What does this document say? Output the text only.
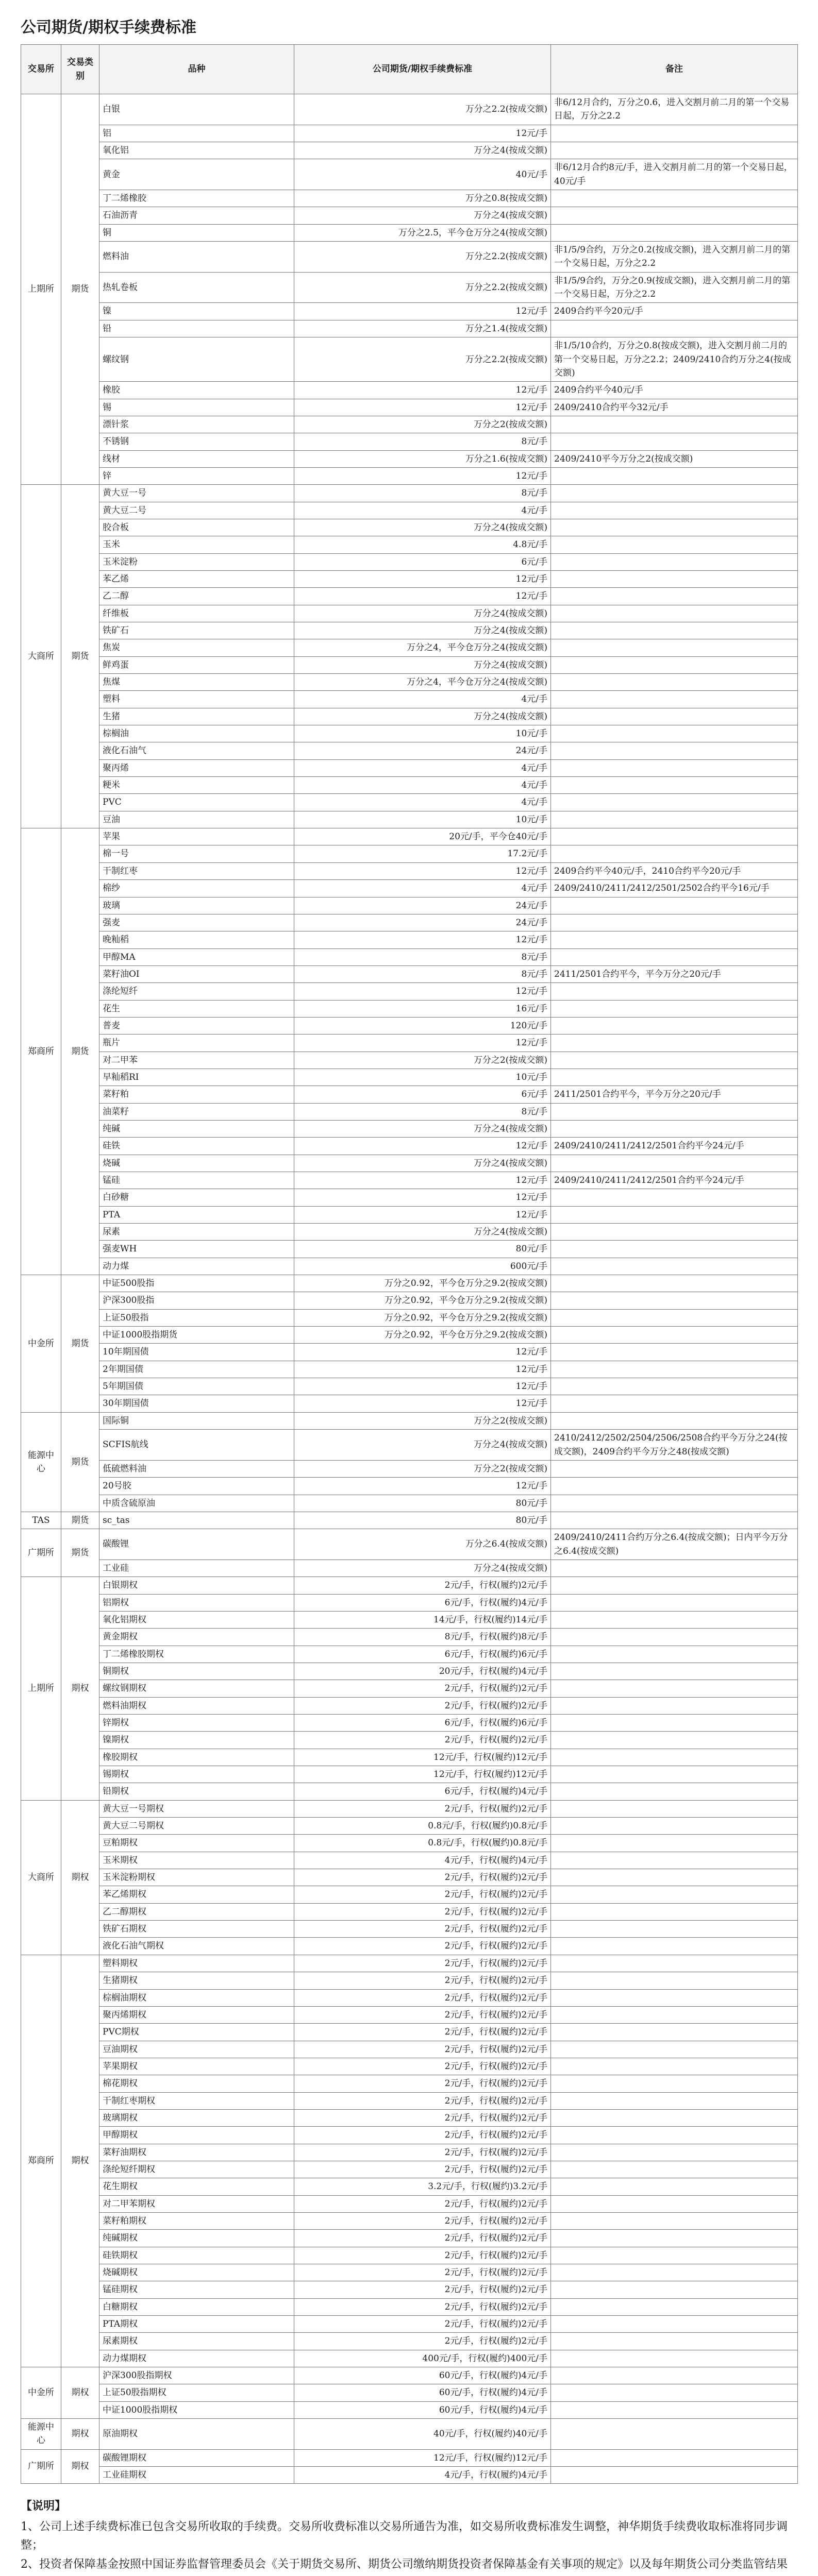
公司期货/期权手续费标准
交易所	交易类别	品种	公司期货/期权手续费标准	备注
上期所	期货	白银	万分之2.2(按成交额)	非6/12月合约，万分之0.6，进入交割月前二月的第一个交易日起，万分之2.2
		铝	12元/手	
		氧化铝	万分之4(按成交额)	
		黄金	40元/手	非6/12月合约8元/手，进入交割月前二月的第一个交易日起，40元/手
		丁二烯橡胶	万分之0.8(按成交额)	
		石油沥青	万分之4(按成交额)	
		铜	万分之2.5，平今仓万分之4(按成交额)	
		燃料油	万分之2.2(按成交额)	非1/5/9合约，万分之0.2(按成交额)，进入交割月前二月的第一个交易日起，万分之2.2
		热轧卷板	万分之2.2(按成交额)	非1/5/9合约，万分之0.9(按成交额)，进入交割月前二月的第一个交易日起，万分之2.2
		镍	12元/手	2409合约平今20元/手
		铅	万分之1.4(按成交额)	
		螺纹钢	万分之2.2(按成交额)	非1/5/10合约，万分之0.8(按成交额)，进入交割月前二月的第一个交易日起，万分之2.2；2409/2410合约万分之4(按成交额)
		橡胶	12元/手	2409合约平今40元/手
		锡	12元/手	2409/2410合约平今32元/手
		漂针浆	万分之2(按成交额)	
		不锈钢	8元/手	
		线材	万分之1.6(按成交额)	2409/2410平今万分之2(按成交额)
		锌	12元/手	
大商所	期货	黄大豆一号	8元/手	
		黄大豆二号	4元/手	
		胶合板	万分之4(按成交额)	
		玉米	4.8元/手	
		玉米淀粉	6元/手	
		苯乙烯	12元/手	
		乙二醇	12元/手	
		纤维板	万分之4(按成交额)	
		铁矿石	万分之4(按成交额)	
		焦炭	万分之4，平今仓万分之4(按成交额)	
		鲜鸡蛋	万分之4(按成交额)	
		焦煤	万分之4，平今仓万分之4(按成交额)	
		塑料	4元/手	
		生猪	万分之4(按成交额)	
		棕榈油	10元/手	
		液化石油气	24元/手	
		聚丙烯	4元/手	
		粳米	4元/手	
		PVC	4元/手	
		豆油	10元/手	
郑商所	期货	苹果	20元/手，平今仓40元/手	
		棉一号	17.2元/手	
		干制红枣	12元/手	2409合约平今40元/手，2410合约平今20元/手
		棉纱	4元/手	2409/2410/2411/2412/2501/2502合约平今16元/手
		玻璃	24元/手	
		强麦	24元/手	
		晚籼稻	12元/手	
		甲醇MA	8元/手	
		菜籽油OI	8元/手	2411/2501合约平今，平今万分之20元/手
		涤纶短纤	12元/手	
		花生	16元/手	
		普麦	120元/手	
		瓶片	12元/手	
		对二甲苯	万分之2(按成交额)	
		早籼稻RI	10元/手	
		菜籽粕	6元/手	2411/2501合约平今，平今万分之20元/手
		油菜籽	8元/手	
		纯碱	万分之4(按成交额)	
		硅铁	12元/手	2409/2410/2411/2412/2501合约平今24元/手
		烧碱	万分之4(按成交额)	
		锰硅	12元/手	2409/2410/2411/2412/2501合约平今24元/手
		白砂糖	12元/手	
		PTA	12元/手	
		尿素	万分之4(按成交额)	
		强麦WH	80元/手	
		动力煤	600元/手	
中金所	期货	中证500股指	万分之0.92，平今仓万分之9.2(按成交额)	
		沪深300股指	万分之0.92，平今仓万分之9.2(按成交额)	
		上证50股指	万分之0.92，平今仓万分之9.2(按成交额)	
		中证1000股指期货	万分之0.92，平今仓万分之9.2(按成交额)	
		10年期国债	12元/手	
		2年期国债	12元/手	
		5年期国债	12元/手	
		30年期国债	12元/手	
能源中心	期货	国际铜	万分之2(按成交额)	
		SCFIS航线	万分之4(按成交额)	2410/2412/2502/2504/2506/2508合约平今万分之24(按成交额)，2409合约平今万分之48(按成交额)
		低硫燃料油	万分之2(按成交额)	
		20号胶	12元/手	
		中质含硫原油	80元/手	
TAS	期货	sc_tas	80元/手	
广期所	期货	碳酸锂	万分之6.4(按成交额)	2409/2410/2411合约万分之6.4(按成交额)；日内平今万分之6.4(按成交额)
		工业硅	万分之4(按成交额)	
上期所	期权	白银期权	2元/手，行权(履约)2元/手	
		铝期权	6元/手，行权(履约)4元/手	
		氧化铝期权	14元/手，行权(履约)14元/手	
		黄金期权	8元/手，行权(履约)8元/手	
		丁二烯橡胶期权	6元/手，行权(履约)6元/手	
		铜期权	20元/手，行权(履约)4元/手	
		螺纹钢期权	2元/手，行权(履约)2元/手	
		燃料油期权	2元/手，行权(履约)2元/手	
		锌期权	6元/手，行权(履约)6元/手	
		镍期权	2元/手，行权(履约)2元/手	
		橡胶期权	12元/手，行权(履约)12元/手	
		锡期权	12元/手，行权(履约)12元/手	
		铅期权	6元/手，行权(履约)4元/手	
大商所	期权	黄大豆一号期权	2元/手，行权(履约)2元/手	
		黄大豆二号期权	0.8元/手，行权(履约)0.8元/手	
		豆粕期权	0.8元/手，行权(履约)0.8元/手	
		玉米期权	4元/手，行权(履约)4元/手	
		玉米淀粉期权	2元/手，行权(履约)2元/手	
		苯乙烯期权	2元/手，行权(履约)2元/手	
		乙二醇期权	2元/手，行权(履约)2元/手	
		铁矿石期权	2元/手，行权(履约)2元/手	
		液化石油气期权	2元/手，行权(履约)2元/手	
郑商所	期权	塑料期权	2元/手，行权(履约)2元/手	
		生猪期权	2元/手，行权(履约)2元/手	
		棕榈油期权	2元/手，行权(履约)2元/手	
		聚丙烯期权	2元/手，行权(履约)2元/手	
		PVC期权	2元/手，行权(履约)2元/手	
		豆油期权	2元/手，行权(履约)2元/手	
		苹果期权	2元/手，行权(履约)2元/手	
		棉花期权	2元/手，行权(履约)2元/手	
		干制红枣期权	2元/手，行权(履约)2元/手	
		玻璃期权	2元/手，行权(履约)2元/手	
		甲醇期权	2元/手，行权(履约)2元/手	
		菜籽油期权	2元/手，行权(履约)2元/手	
		涤纶短纤期权	2元/手，行权(履约)2元/手	
		花生期权	3.2元/手，行权(履约)3.2元/手	
		对二甲苯期权	2元/手，行权(履约)2元/手	
		菜籽粕期权	2元/手，行权(履约)2元/手	
		纯碱期权	2元/手，行权(履约)2元/手	
		硅铁期权	2元/手，行权(履约)2元/手	
		烧碱期权	2元/手，行权(履约)2元/手	
		锰硅期权	2元/手，行权(履约)2元/手	
		白糖期权	2元/手，行权(履约)2元/手	
		PTA期权	2元/手，行权(履约)2元/手	
		尿素期权	2元/手，行权(履约)2元/手	
		动力煤期权	400元/手，行权(履约)400元/手	
中金所	期权	沪深300股指期权	60元/手，行权(履约)4元/手	
		上证50股指期权	60元/手，行权(履约)4元/手	
		中证1000股指期权	60元/手，行权(履约)4元/手	
能源中心	期权	原油期权	40元/手，行权(履约)40元/手	
广期所	期权	碳酸锂期权	12元/手，行权(履约)12元/手	
		工业硅期权	4元/手，行权(履约)4元/手	
【说明】
1、公司上述手续费标准已包含交易所收取的手续费。交易所收费标准以交易所通告为准，如交易所收费标准发生调整，神华期货手续费收取标准将同步调整；
2、投资者保障基金按照中国证券监督管理委员会《关于期货交易所、期货公司缴纳期货投资者保障基金有关事项的规定》以及每年期货公司分类监管结果
